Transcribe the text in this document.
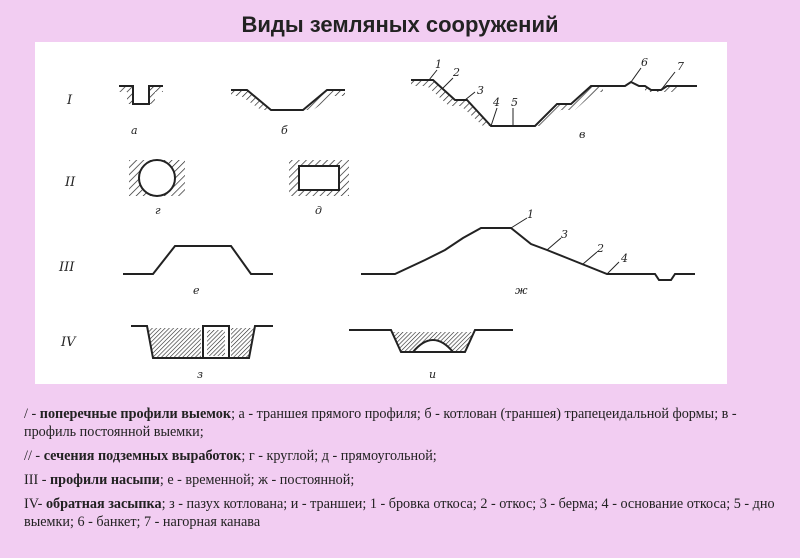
Виды земляных сооружений
I
II
III
IV
а	б
1
2
3
4 5
6	7
в
г	д
е
1
3
2
4
ж
з	и

/ - поперечные профили выемок; а - траншея прямого профиля; б - котлован (траншея) трапецеидальной формы; в - профиль постоянной выемки;

// - сечения подземных выработок; г - круглой; д - прямоугольной;

III - профили насыпи; е - временной; ж - постоянной;

IV- обратная засыпка; з - пазух котлована; и - траншеи; 1 - бровка откоса; 2 - откос; 3 - берма; 4 - основание откоса; 5 - дно выемки; 6 - банкет; 7 - нагорная канава
